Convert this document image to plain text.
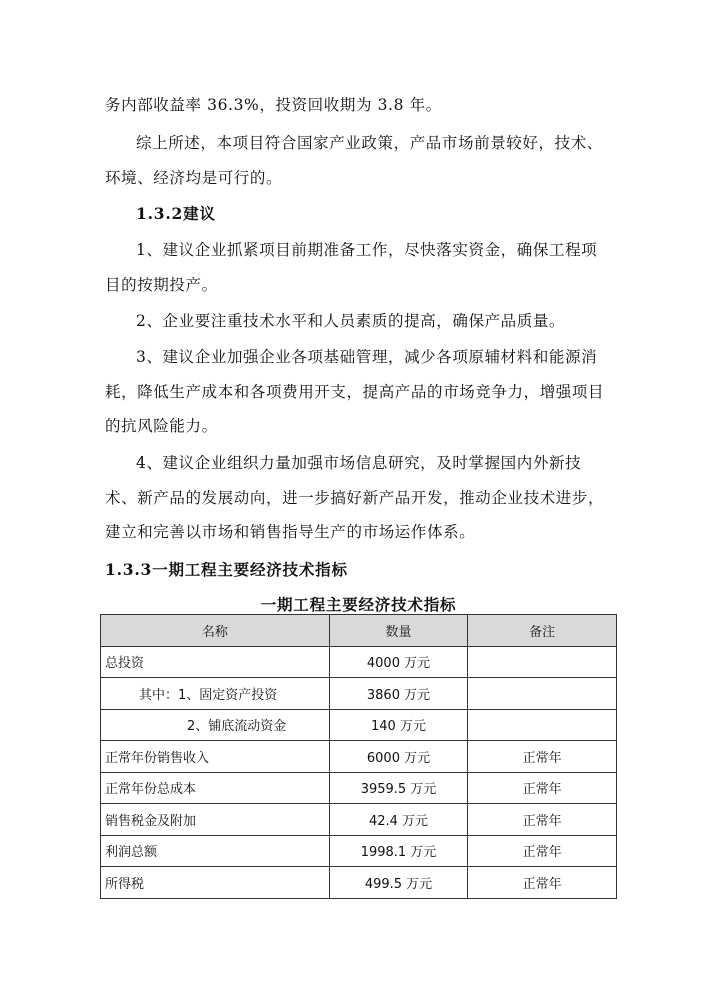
务内部收益率 36.3%，投资回收期为 3.8 年。

综上所述，本项目符合国家产业政策，产品市场前景较好，技术、环境、经济均是可行的。

1.3.2建议

1、建议企业抓紧项目前期准备工作，尽快落实资金，确保工程项目的按期投产。

2、企业要注重技术水平和人员素质的提高，确保产品质量。

3、建议企业加强企业各项基础管理，减少各项原辅材料和能源消耗，降低生产成本和各项费用开支，提高产品的市场竞争力，增强项目的抗风险能力。

4、建议企业组织力量加强市场信息研究，及时掌握国内外新技术、新产品的发展动向，进一步搞好新产品开发，推动企业技术进步，建立和完善以市场和销售指导生产的市场运作体系。

1.3.3一期工程主要经济技术指标

一期工程主要经济技术指标

名称	数量	备注
总投资	4000 万元	
其中：1、固定资产投资	3860 万元	
2、铺底流动资金	140 万元	
正常年份销售收入	6000 万元	正常年
正常年份总成本	3959.5 万元	正常年
销售税金及附加	42.4 万元	正常年
利润总额	1998.1 万元	正常年
所得税	499.5 万元	正常年
